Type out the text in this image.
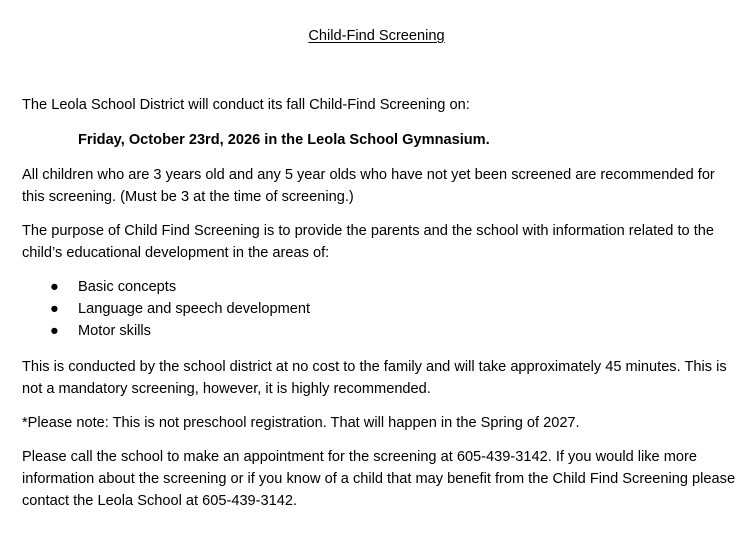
Child-Find Screening

The Leola School District will conduct its fall Child-Find Screening on:

Friday, October 23rd, 2026 in the Leola School Gymnasium.

All children who are 3 years old and any 5 year olds who have not yet been screened are recommended for this screening. (Must be 3 at the time of screening.)

The purpose of Child Find Screening is to provide the parents and the school with information related to the child’s educational development in the areas of:

● Basic concepts
● Language and speech development
● Motor skills

This is conducted by the school district at no cost to the family and will take approximately 45 minutes. This is not a mandatory screening, however, it is highly recommended.

*Please note: This is not preschool registration. That will happen in the Spring of 2027.

Please call the school to make an appointment for the screening at 605-439-3142. If you would like more information about the screening or if you know of a child that may benefit from the Child Find Screening please contact the Leola School at 605-439-3142.
